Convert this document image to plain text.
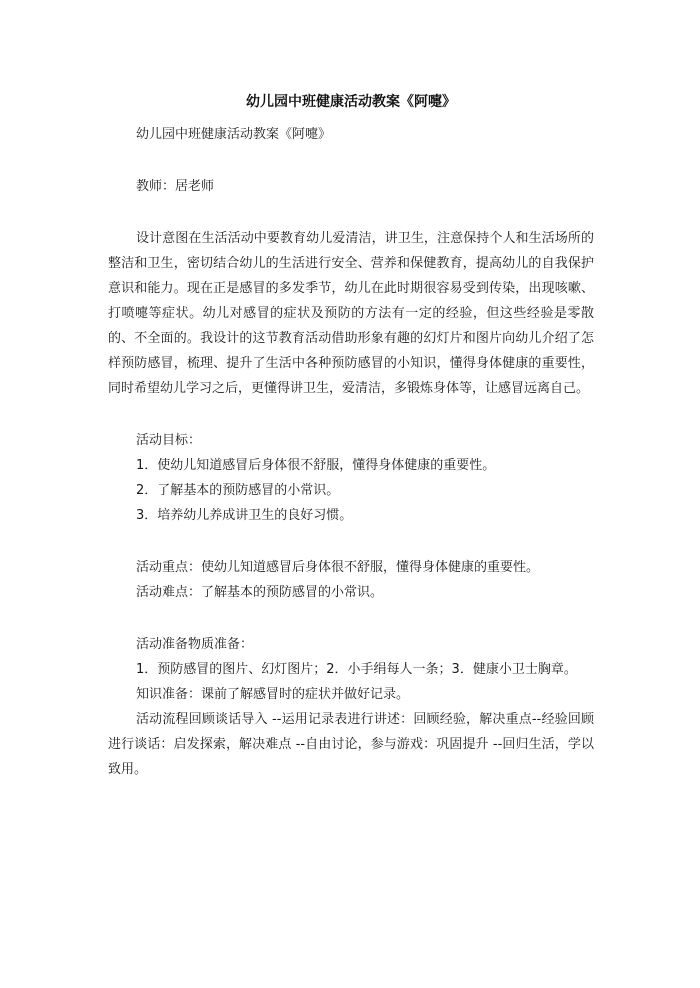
幼儿园中班健康活动教案《阿嚏》

幼儿园中班健康活动教案《阿嚏》

教师：居老师

设计意图在生活活动中要教育幼儿爱清洁，讲卫生，注意保持个人和生活场所的整洁和卫生，密切结合幼儿的生活进行安全、营养和保健教育，提高幼儿的自我保护意识和能力。现在正是感冒的多发季节，幼儿在此时期很容易受到传染，出现咳嗽、打喷嚏等症状。幼儿对感冒的症状及预防的方法有一定的经验，但这些经验是零散的、不全面的。我设计的这节教育活动借助形象有趣的幻灯片和图片向幼儿介绍了怎样预防感冒，梳理、提升了生活中各种预防感冒的小知识，懂得身体健康的重要性，同时希望幼儿学习之后，更懂得讲卫生，爱清洁，多锻炼身体等，让感冒远离自己。

活动目标：

1．使幼儿知道感冒后身体很不舒服，懂得身体健康的重要性。

2．了解基本的预防感冒的小常识。

3．培养幼儿养成讲卫生的良好习惯。

活动重点：使幼儿知道感冒后身体很不舒服，懂得身体健康的重要性。

活动难点：了解基本的预防感冒的小常识。

活动准备物质准备：

1．预防感冒的图片、幻灯图片；2．小手绢每人一条；3．健康小卫士胸章。

知识准备：课前了解感冒时的症状并做好记录。

活动流程回顾谈话导入 --运用记录表进行讲述：回顾经验，解决重点--经验回顾进行谈话：启发探索，解决难点 --自由讨论，参与游戏：巩固提升 --回归生活，学以致用。
